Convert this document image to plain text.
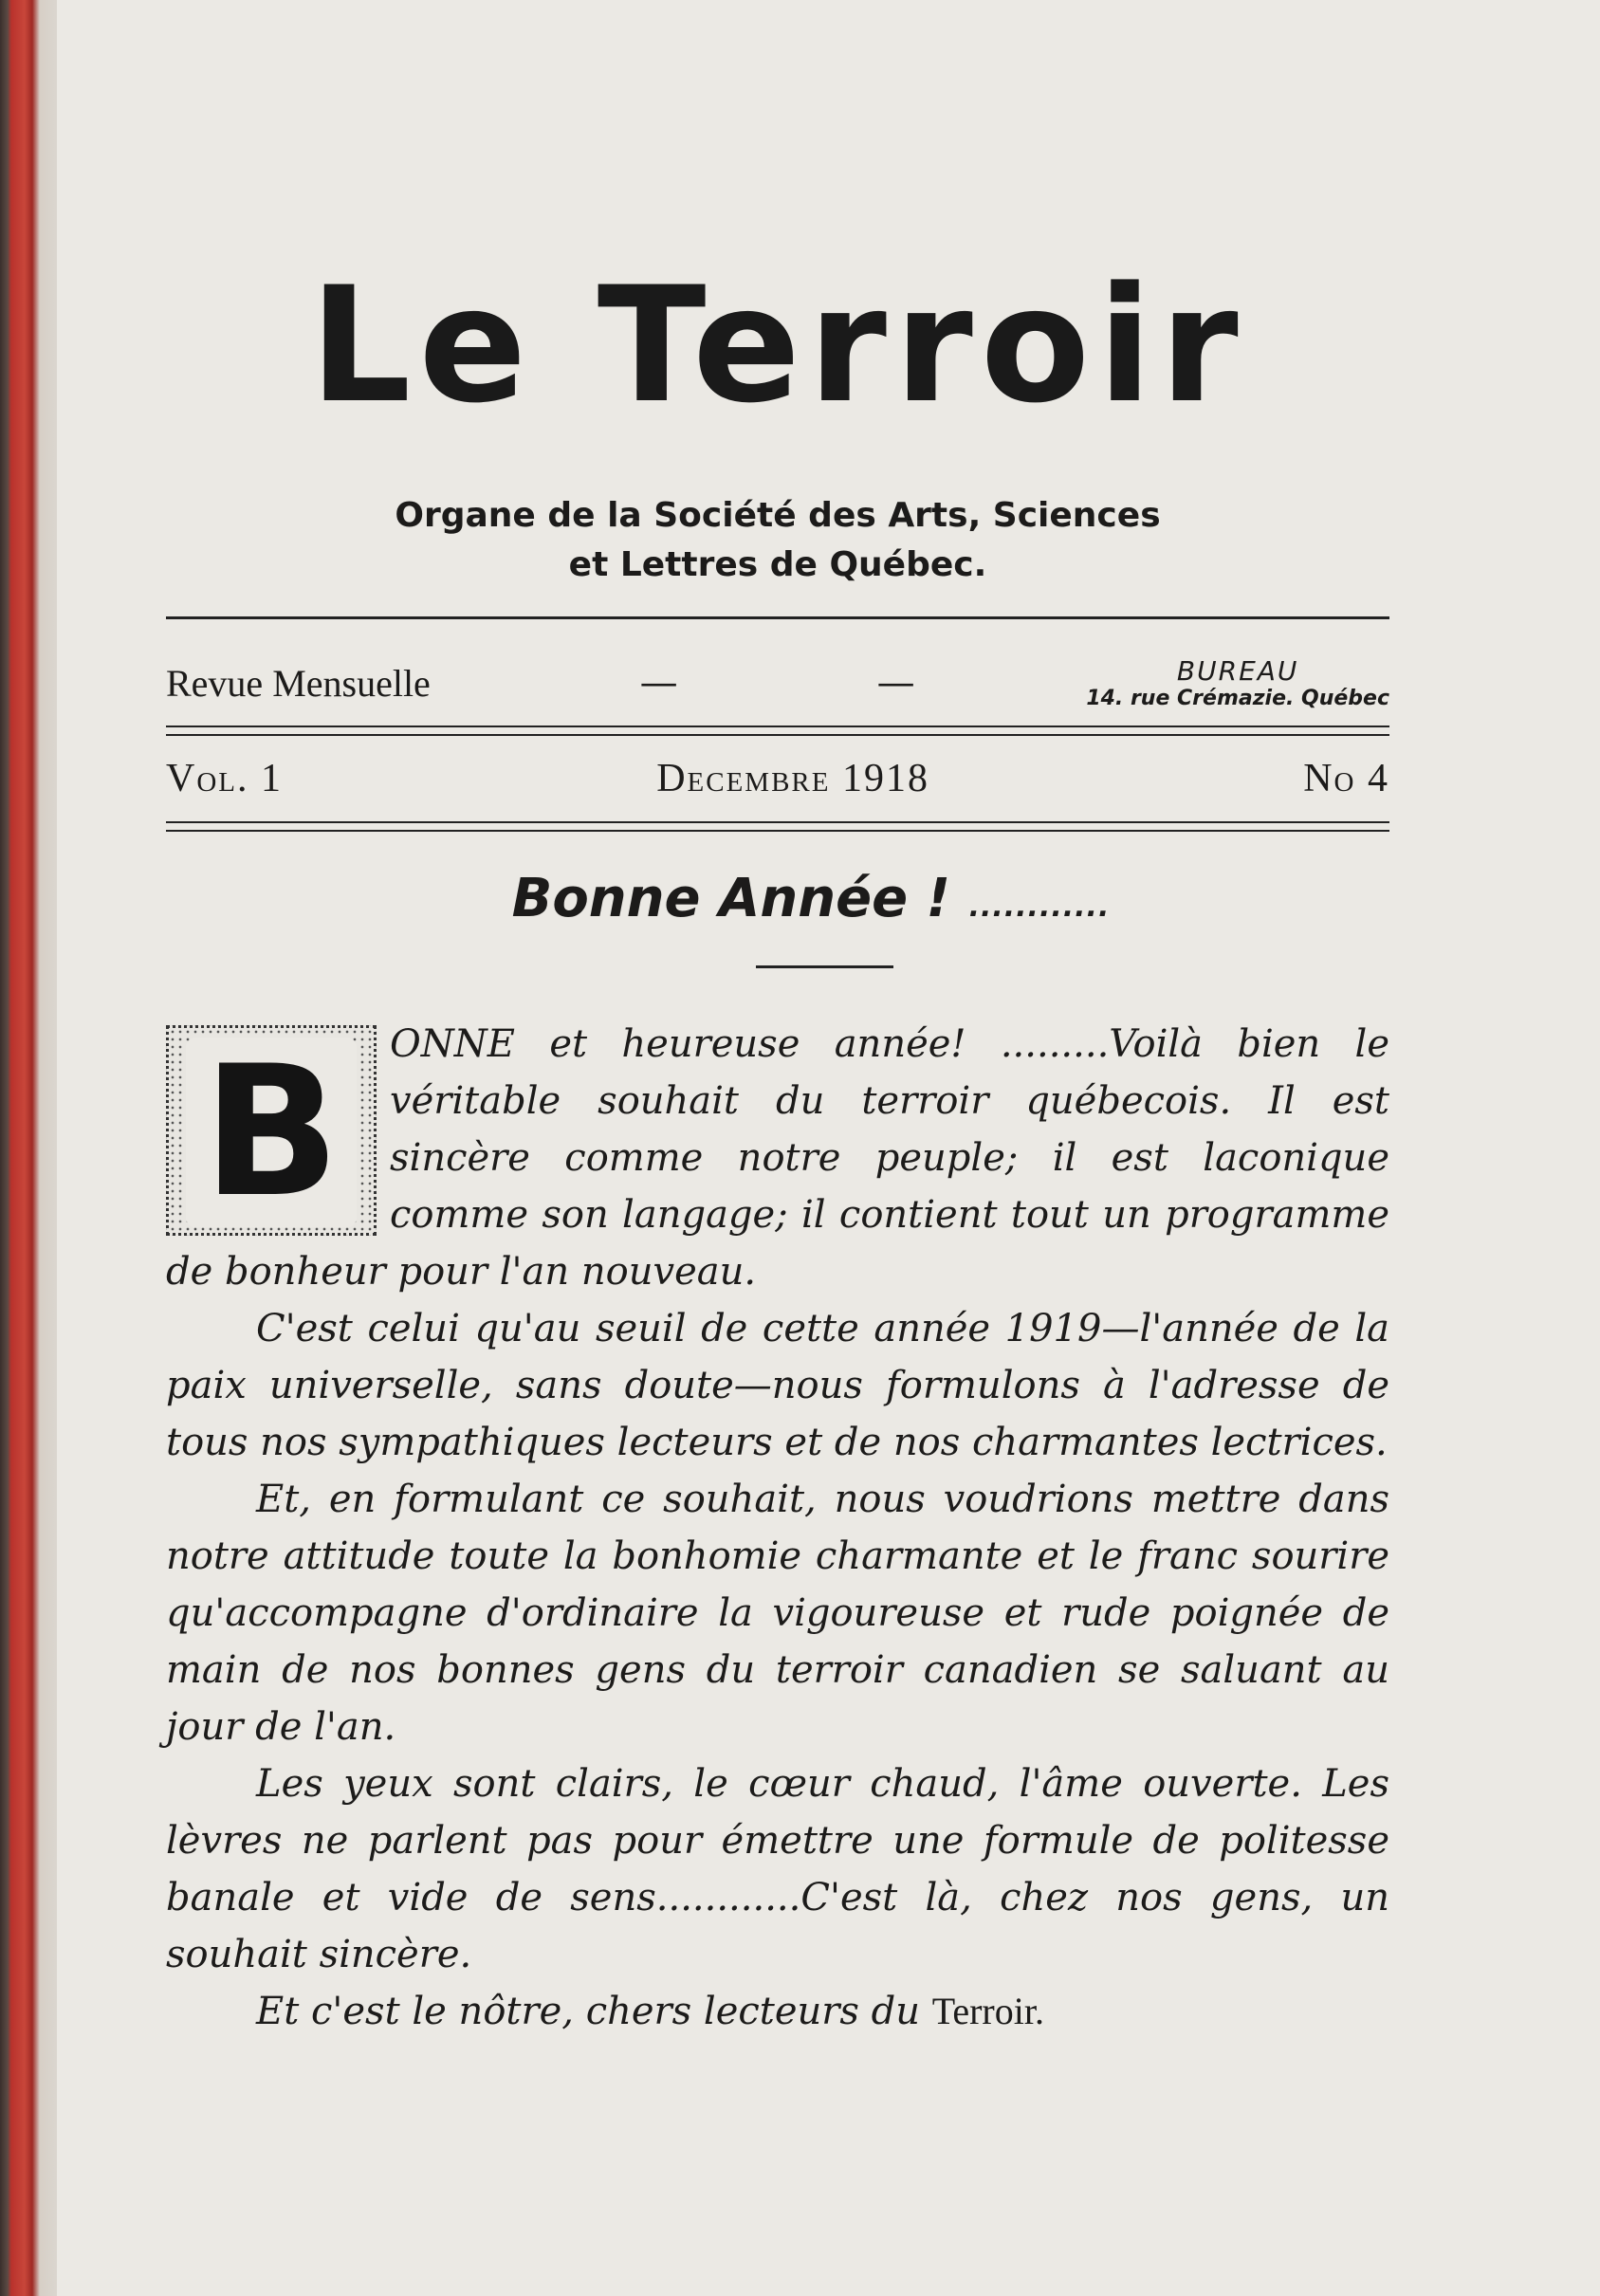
Le Terroir
Organe de la Société des Arts, Sciences
et Lettres de Québec.
Revue Mensuelle	—	—	BUREAU
14. rue Crémazie. Québec
Vol. 1	Decembre 1918	No 4
Bonne Année ! ............
B	ONNE et heureuse année! .........Voilà bien le véritable souhait du terroir québecois. Il est sincère comme notre peuple; il est laconique comme son langage; il contient tout un programme de bonheur pour l'an nouveau.

C'est celui qu'au seuil de cette année 1919—l'année de la paix universelle, sans doute—nous formulons à l'adresse de tous nos sympathiques lecteurs et de nos charmantes lectrices.

Et, en formulant ce souhait, nous voudrions mettre dans notre attitude toute la bonhomie charmante et le franc sourire qu'accompagne d'ordinaire la vigoureuse et rude poignée de main de nos bonnes gens du terroir canadien se saluant au jour de l'an.

Les yeux sont clairs, le cœur chaud, l'âme ouverte. Les lèvres ne parlent pas pour émettre une formule de politesse banale et vide de sens............C'est là, chez nos gens, un souhait sincère.

Et c'est le nôtre, chers lecteurs du Terroir.
